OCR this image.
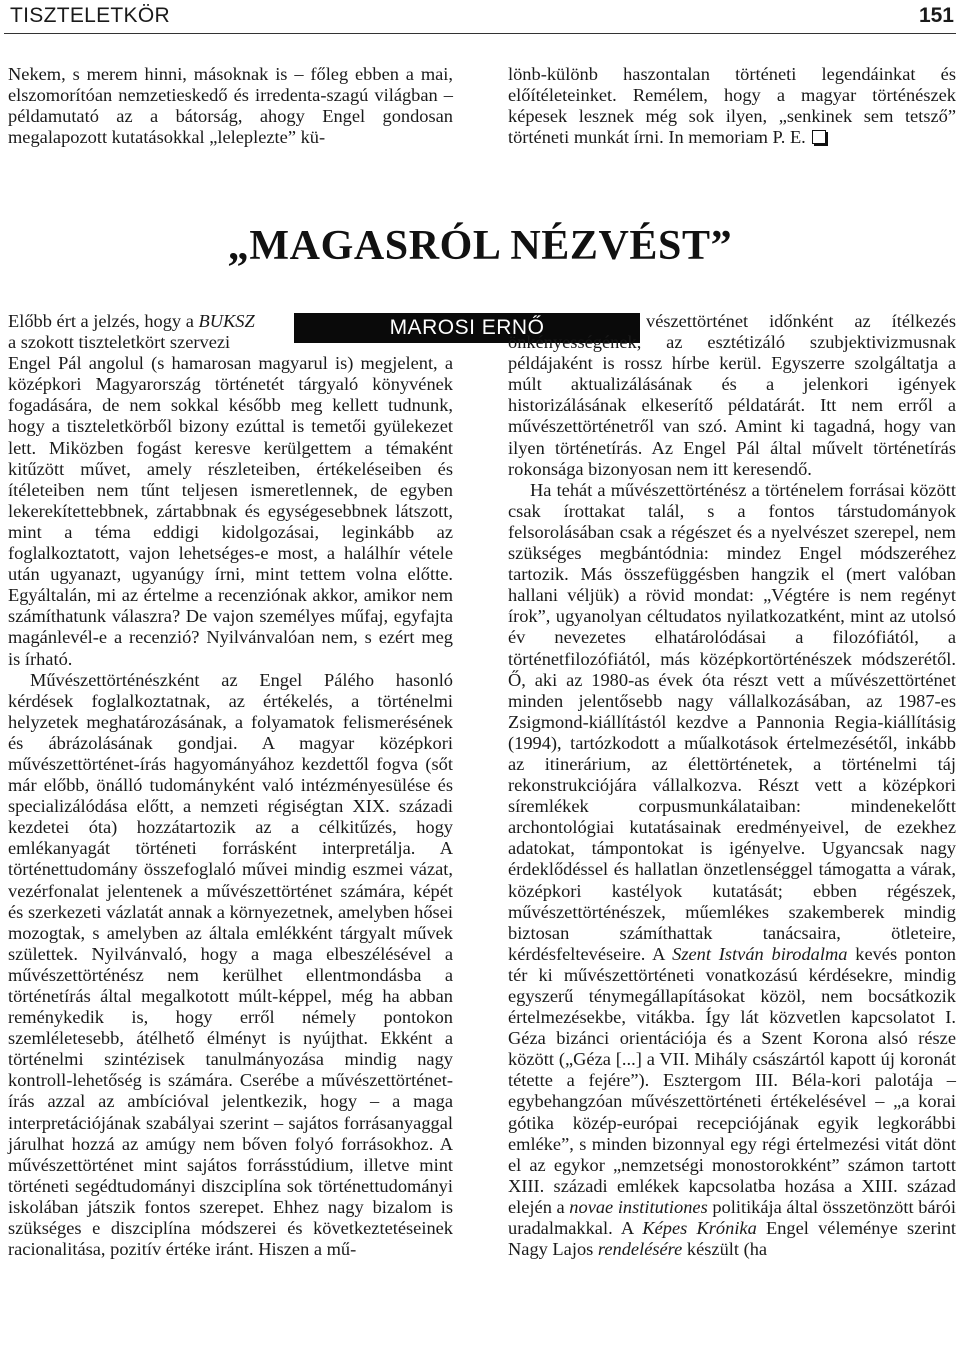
TISZTELETKÖR	151

Nekem, s merem hinni, másoknak is – főleg ebben a mai, elszomorítóan nemzetieskedő és irredenta-szagú világban – példamutató az a bátorság, ahogy Engel gondosan megalapozott kutatásokkal „leleplezte” kü-

lönb-különb haszontalan történeti legendáinkat és előítéleteinket. Remélem, hogy a magyar történészek képesek lesznek még sok ilyen, „senkinek sem tetsző” történeti munkát írni. In memoriam P. E.

„MAGASRÓL NÉZVÉST”
MAROSI ERNŐ

Előbb ért a jelzés, hogy a BUKSZ

a szokott tiszteletkört szervezi

Engel Pál angolul (s hamarosan magyarul is) megjelent, a középkori Magyarország történetét tárgyaló könyvének fogadására, de nem sokkal később meg kellett tudnunk, hogy a tiszteletkörből bizony ezúttal is temetői gyülekezet lett. Miközben fogást keresve kerülgettem a témaként kitűzött művet, amely részleteiben, értékeléseiben és ítéleteiben nem tűnt teljesen ismeretlennek, de egyben lekerekítettebbnek, zártabbnak és egységesebbnek látszott, mint a téma eddigi kidolgozásai, leginkább az foglalkoztatott, vajon lehetséges-e most, a halálhír vétele után ugyanazt, ugyanúgy írni, mint tettem volna előtte. Egyáltalán, mi az értelme a recenziónak akkor, amikor nem számíthatunk válaszra? De vajon személyes műfaj, egyfajta magánlevél-e a recenzió? Nyilvánvalóan nem, s ezért meg is írható.

Művészettörténészként az Engel Pálého hasonló kérdések foglalkoztatnak, az értékelés, a történelmi helyzetek meghatározásának, a folyamatok felismerésének és ábrázolásának gondjai. A magyar középkori művészettörténet-írás hagyományához kezdettől fogva (sőt már előbb, önálló tudományként való intézményesülése és specializálódása előtt, a nemzeti régiségtan XIX. századi kezdetei óta) hozzátartozik az a célkitűzés, hogy emlékanyagát történeti forrásként interpretálja. A történettudomány összefoglaló művei mindig eszmei vázat, vezérfonalat jelentenek a művészettörténet számára, képét és szerkezeti vázlatát annak a környezetnek, amelyben hősei mozogtak, s amelyben az általa emlékként tárgyalt művek születtek. Nyilvánvaló, hogy a maga elbeszélésével a művészettörténész nem kerülhet ellentmondásba a történetírás által megalkotott múlt-képpel, még ha abban reménykedik is, hogy erről némely pontokon szemléletesebb, átélhető élményt is nyújthat. Ekként a történelmi szintézisek tanulmányozása mindig nagy kontroll-lehetőség is számára. Cserébe a művészettörténet-írás azzal az ambícióval jelentkezik, hogy – a maga interpretációjának szabályai szerint – sajátos forrásanyaggal járulhat hozzá az amúgy nem bőven folyó forrásokhoz. A művészettörténet mint sajátos forrásstúdium, illetve mint történeti segédtudományi diszciplína sok történettudományi iskolában játszik fontos szerepet. Ehhez nagy bizalom is szükséges e diszciplína módszerei és következtetéseinek racionalitása, pozitív értéke iránt. Hiszen a mű-

vészettörténet időnként az ítélkezés önkényességének, az esztétizáló szubjektivizmusnak példájaként is rossz hírbe kerül. Egyszerre szolgáltatja a múlt aktualizálásának és a jelenkori igények historizálásának elkeserítő példatárát. Itt nem erről a művészettörténetről van szó. Amint ki tagadná, hogy van ilyen történetírás. Az Engel Pál által művelt történetírás rokonsága bizonyosan nem itt keresendő.

Ha tehát a művészettörténész a történelem forrásai között csak írottakat talál, s a fontos társtudományok felsorolásában csak a régészet és a nyelvészet szerepel, nem szükséges megbántódnia: mindez Engel módszeréhez tartozik. Más összefüggésben hangzik el (mert valóban hallani véljük) a rövid mondat: „Végtére is nem regényt írok”, ugyanolyan céltudatos nyilatkozatként, mint az utolsó év nevezetes elhatárolódásai a filozófiától, a történetfilozófiától, más középkortörténészek módszerétől. Ő, aki az 1980-as évek óta részt vett a művészettörténet minden jelentősebb nagy vállalkozásában, az 1987-es Zsigmond-kiállítástól kezdve a Pannonia Regia-kiállításig (1994), tartózkodott a műalkotások értelmezésétől, inkább az itinerárium, az élettörténetek, a történelmi táj rekonstrukciójára vállalkozva. Részt vett a középkori síremlékek corpusmunkálataiban: mindenekelőtt archontológiai kutatásainak eredményeivel, de ezekhez adatokat, támpontokat is igényelve. Ugyancsak nagy érdeklődéssel és hallatlan önzetlenséggel támogatta a várak, középkori kastélyok kutatását; ebben régészek, művészettörténészek, műemlékes szakemberek mindig biztosan számíthattak tanácsaira, ötleteire, kérdésfeltevéseire. A Szent István birodalma kevés ponton tér ki művészettörténeti vonatkozású kérdésekre, mindig egyszerű ténymegállapításokat közöl, nem bocsátkozik értelmezésekbe, vitákba. Így lát közvetlen kapcsolatot I. Géza bizánci orientációja és a Szent Korona alsó része között („Géza [...] a VII. Mihály császártól kapott új koronát tétette a fejére”). Esztergom III. Béla-kori palotája – egybehangzóan művészettörténeti értékelésével – „a korai gótika közép-európai recepciójának egyik legkorábbi emléke”, s minden bizonnyal egy régi értelmezési vitát dönt el az egykor „nemzetségi monostorokként” számon tartott XIII. századi emlékek kapcsolatba hozása a XIII. század elején a novae institutiones politikája által összetönzött bárói uradalmakkal. A Képes Krónika Engel véleménye szerint Nagy Lajos rendelésére készült (ha
